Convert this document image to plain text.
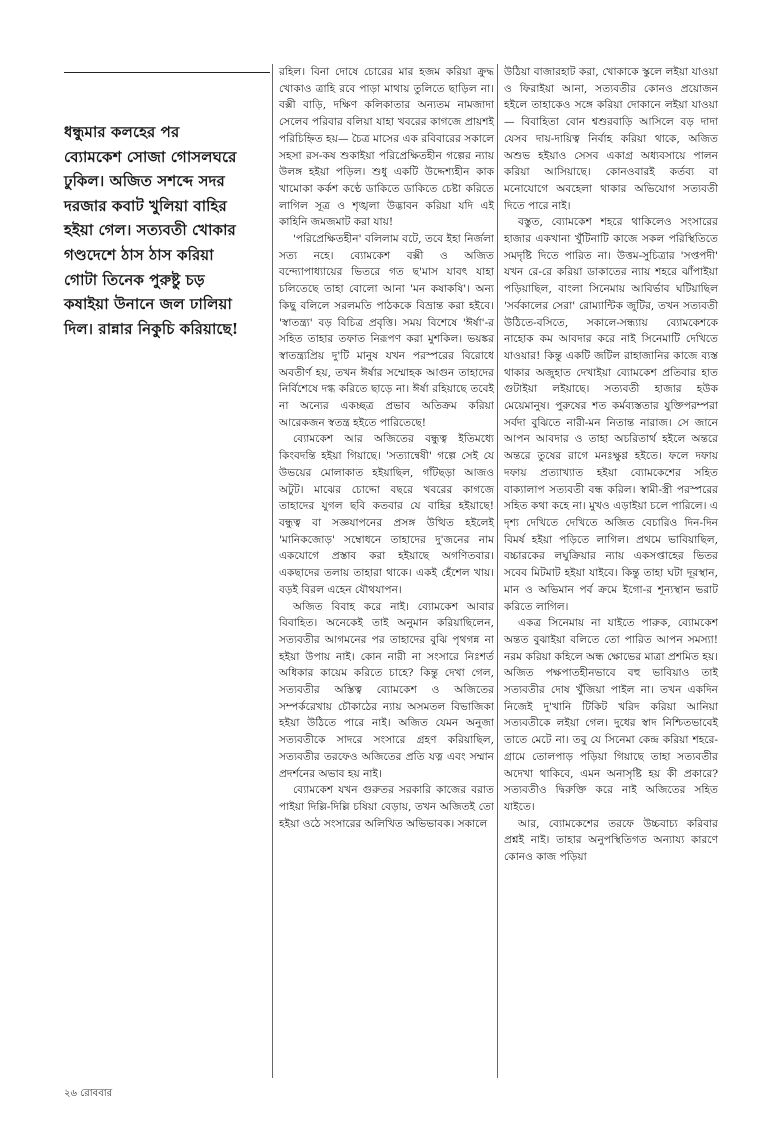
ধন্ধুমার কলহের পর
ব্যোমকেশ সোজা গোসলঘরে
ঢুকিল। অজিত সশব্দে সদর
দরজার কবাট খুলিয়া বাহির
হইয়া গেল। সত্যবতী খোকার
গণ্ডদেশে ঠাস ঠাস করিয়া
গোটা তিনেক পুরুষ্টু চড়
কষাইয়া উনানে জল ঢালিয়া
দিল। রান্নার নিকুচি করিয়াছে!

রহিল। বিনা দোষে চোরের মার হজম করিয়া ক্রুদ্ধ খোকাও ত্রাহি রবে পাড়া মাথায় তুলিতে ছাড়িল না। বক্সী বাড়ি, দক্ষিণ কলিকাতার অন্যতম নামজাদা সেলেব পরিবার বলিয়া যাহা খবরের কাগজে প্রায়শই পরিচিহ্নিত হয়— চৈত্র মাসের এক রবিবারের সকালে সহসা রস-কষ শুকাইয়া পরিপ্রেক্ষিতহীন গল্পের ন্যায় উলঙ্গ হইয়া পড়িল। শুধু একটি উদ্দেশ্যহীন কাক খামোকা কর্কশ কণ্ঠে ডাকিতে ডাকিতে চেষ্টা করিতে লাগিল সূত্র ও শৃঙ্খলা উদ্ভাবন করিয়া যদি এই কাহিনি জমজমাট করা যায়!

'পরিপ্রেক্ষিতহীন' বলিলাম বটে, তবে ইহা নির্জলা সত্য নহে। ব্যোমকেশ বক্সী ও অজিত বন্দ্যোপাধ্যায়ের ভিতরে গত ছ'মাস যাবৎ যাহা চলিতেছে তাহা বোলো আনা 'মন কষাকষি'। অন্য কিছু বলিলে সরলমতি পাঠককে বিভ্রান্ত করা হইবে। 'স্বাতন্ত্র্য' বড় বিচিত্র প্রবৃত্তি। সময় বিশেষে 'ঈর্ষা'-র সহিত তাহার তফাত নিরূপণ করা মুশকিল। ভয়ঙ্কর স্বাতন্ত্র্যপ্রিয় দু'টি মানুষ যখন পরস্পরের বিরোধে অবতীর্ণ হয়, তখন ঈর্ষার সম্মোহক আগুন তাহাদের নির্বিশেষে দগ্ধ করিতে ছাড়ে না। ঈর্ষা রহিয়াছে তবেই না অন্যের একচ্ছত্র প্রভাব অতিক্রম করিয়া আরেকজন স্বতন্ত্র হইতে পারিতেছে!

ব্যোমকেশ আর অজিতের বন্ধুত্ব ইতিমধ্যে কিংবদন্তি হইয়া গিয়াছে। 'সত্যান্বেষী' গল্পে সেই যে উভয়ের মোলাকাত হইয়াছিল, গাঁটছড়া আজও অটুট। মাঝের চোদ্দো বছরে খবরের কাগজে তাহাদের যুগল ছবি কতবার যে বাহির হইয়াছে! বন্ধুত্ব বা সজ্ঞযাপনের প্রসঙ্গ উত্থিত হইলেই 'মানিকজোড়' সম্বোধনে তাহাদের দু'জনের নাম একযোগে প্রস্তাব করা হইয়াছে অগণিতবার। একছাদের তলায় তাহারা থাকে। একই হেঁশেল খায়। বড়ই বিরল এহেন যৌথযাপন।

অজিত বিবাহ করে নাই। ব্যোমকেশ আবার বিবাহিত। অনেকেই তাই অনুমান করিয়াছিলেন, সত্যবতীর আগমনের পর তাহাদের বুঝি পৃথগন্ন না হইয়া উপায় নাই। কোন নারী না সংসারে নিঃশর্ত অধিকার কায়েম করিতে চাহে? কিন্তু দেখা গেল, সত্যবতীর অস্তিত্ব ব্যোমকেশ ও অজিতের সম্পর্করেখায় চৌকাঠের ন্যায় অসমতল বিভাজিকা হইয়া উঠিতে পারে নাই। অজিত যেমন অনুজা সত্যবতীকে সাদরে সংসারে গ্রহণ করিয়াছিল, সত্যবতীর তরফেও অজিতের প্রতি যত্ন এবং সম্মান প্রদর্শনের অভাব হয় নাই।

ব্যোমকেশ যখন গুরুতর সরকারি কাজের বরাত পাইয়া দিল্লি-দিল্লি চষিয়া বেড়ায়, তখন অজিতই তো হইয়া ওঠে সংসারের অলিখিত অভিভাবক। সকালে

উঠিয়া বাজারহাট করা, খোকাকে স্কুলে লইয়া যাওয়া ও ফিরাইয়া আনা, সত্যবতীর কোনও প্রয়োজন হইলে তাহাকেও সঙ্গে করিয়া দোকানে লইয়া যাওয়া— বিবাহিতা বোন শ্বশুরবাড়ি আসিলে বড় দাদা যেসব দায়-দায়িত্ব নির্বাহ করিয়া থাকে, অজিত অশুভ হইয়াও সেসব একাগ্র অধ্যবসায়ে পালন করিয়া আসিয়াছে। কোনওবারই কর্তব্য বা মনোযোগে অবহেলা থাকার অভিযোগ সত্যবতী দিতে পারে নাই।

বস্তুত, ব্যোমকেশ শহরে থাকিলেও সংসারের হাজার একখানা খুঁটিনাটি কাজে সকল পরিস্থিতিতে সমদৃষ্টি দিতে পারিত না। উত্তম-সুচিত্রার 'সপ্তপদী' যখন রে-রে করিয়া ডাকাতের ন্যায় শহরে ঝাঁপাইয়া পড়িয়াছিল, বাংলা সিনেমায় আবির্ভাব ঘটিয়াছিল 'সর্বকালের সেরা' রোম্যান্টিক জুটির, তখন সত্যবতী উঠিতে-বসিতে, সকালে-সন্ধ্যায় ব্যোমকেশকে নাহোক কম আবদার করে নাই সিনেমাটি দেখিতে যাওয়ার! কিন্তু একটি জটিল রাহাজানির কাজে ব্যস্ত থাকার অজুহাত দেখাইয়া ব্যোমকেশ প্রতিবার হাত গুটাইয়া লইয়াছে। সত্যবতী হাজার হউক মেয়েমানুষ। পুরুষের শত কর্মব্যস্ততার যুক্তিপরম্পরা সর্বদা বুঝিতে নারী-মন নিতান্ত নারাজ। সে জানে আপন আবদার ও তাহা অচরিতার্থ হইলে অন্তরে অন্তরে তুষের রাগে মনঃক্ষুণ্ণ হইতে। ফলে দফায় দফায় প্রত্যাখ্যাত হইয়া ব্যোমকেশের সহিত বাক্যালাপ সত্যবতী বন্ধ করিল। স্বামী-স্ত্রী পরস্পরের সহিত কথা কহে না। মুখও এড়াইয়া চলে পারিলে। এ দৃশ্য দেখিতে দেখিতে অজিত বেচারিও দিন-দিন বিমর্ষ হইয়া পড়িতে লাগিল। প্রথমে ভাবিয়াছিল, বচ্চারকের লঘুক্রিয়ার ন্যায় একসপ্তাহের ভিতর সবেব মিটমাট হইয়া যাইবে। কিন্তু তাহা ঘটা দূরস্থান, মান ও অভিমান পর্ব ক্রমে ইগো-র শূন্যস্থান ভরাট করিতে লাগিল।

একত্র সিনেমায় না যাইতে পারুক, ব্যোমকেশ অন্তত বুঝাইয়া বলিতে তো পারিত আপন সমস্যা! নরম করিয়া কহিলে অন্ধ ক্ষোভের মাত্রা প্রশমিত হয়। অজিত পক্ষপাতহীনভাবে বহু ভাবিয়াও তাই সত্যবতীর দোষ খুঁজিয়া পাইল না। তখন একদিন নিজেই দু'খানি টিকিট খরিদ করিয়া আনিয়া সত্যবতীকে লইয়া গেল। দুধের স্বাদ নিশ্চিতভাবেই তাতে মেটে না। তবু যে সিনেমা কেন্দ্র করিয়া শহরে-গ্রামে তোলপাড় পড়িয়া গিয়াছে তাহা সত্যবতীর অদেখা থাকিবে, এমন অনাসৃষ্টি হয় কী প্রকারে? সত্যবতীও দ্বিরুক্তি করে নাই অজিতের সহিত যাইতে।

আর, ব্যোমকেশের তরফে উচ্চবাচ্য করিবার প্রশ্নই নাই। তাহার অনুপস্থিতিগত অন্যায্য কারণে কোনও কাজ পড়িয়া

২৬ রোববার
